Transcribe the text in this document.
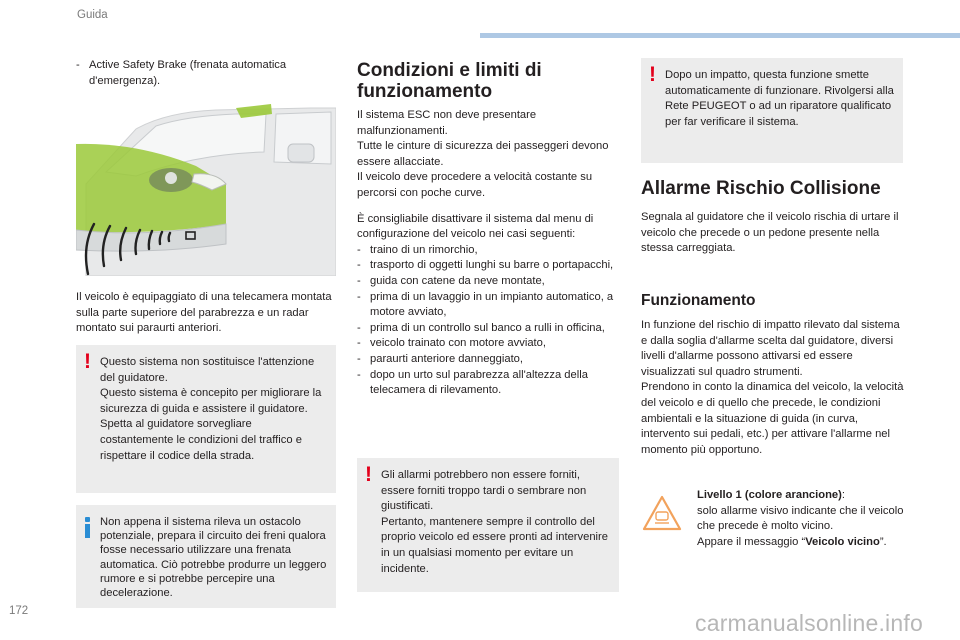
Guida
- Active Safety Brake (frenata automatica d'emergenza).
Il veicolo è equipaggiato di una telecamera montata sulla parte superiore del parabrezza e un radar montato sui paraurti anteriori.
! Questo sistema non sostituisce l'attenzione del guidatore.
Questo sistema è concepito per migliorare la sicurezza di guida e assistere il guidatore.
Spetta al guidatore sorvegliare costantemente le condizioni del traffico e rispettare il codice della strada.
Non appena il sistema rileva un ostacolo potenziale, prepara il circuito dei freni qualora fosse necessario utilizzare una frenata automatica. Ciò potrebbe produrre un leggero rumore e si potrebbe percepire una decelerazione.
Condizioni e limiti di funzionamento
Il sistema ESC non deve presentare malfunzionamenti.
Tutte le cinture di sicurezza dei passeggeri devono essere allacciate.
Il veicolo deve procedere a velocità costante su percorsi con poche curve.
È consigliabile disattivare il sistema dal menu di configurazione del veicolo nei casi seguenti:
- traino di un rimorchio,
- trasporto di oggetti lunghi su barre o portapacchi,
- guida con catene da neve montate,
- prima di un lavaggio in un impianto automatico, a motore avviato,
- prima di un controllo sul banco a rulli in officina,
- veicolo trainato con motore avviato,
- paraurti anteriore danneggiato,
- dopo un urto sul parabrezza all'altezza della telecamera di rilevamento.
! Gli allarmi potrebbero non essere forniti, essere forniti troppo tardi o sembrare non giustificati.
Pertanto, mantenere sempre il controllo del proprio veicolo ed essere pronti ad intervenire in un qualsiasi momento per evitare un incidente.
! Dopo un impatto, questa funzione smette automaticamente di funzionare. Rivolgersi alla Rete PEUGEOT o ad un riparatore qualificato per far verificare il sistema.
Allarme Rischio Collisione
Segnala al guidatore che il veicolo rischia di urtare il veicolo che precede o un pedone presente nella stessa carreggiata.
Funzionamento
In funzione del rischio di impatto rilevato dal sistema e dalla soglia d'allarme scelta dal guidatore, diversi livelli d'allarme possono attivarsi ed essere visualizzati sul quadro strumenti.
Prendono in conto la dinamica del veicolo, la velocità del veicolo e di quello che precede, le condizioni ambientali e la situazione di guida (in curva, intervento sui pedali, etc.) per attivare l'allarme nel momento più opportuno.
Livello 1 (colore arancione):
solo allarme visivo indicante che il veicolo che precede è molto vicino.
Appare il messaggio “Veicolo vicino”.
172	carmanualsonline.info
